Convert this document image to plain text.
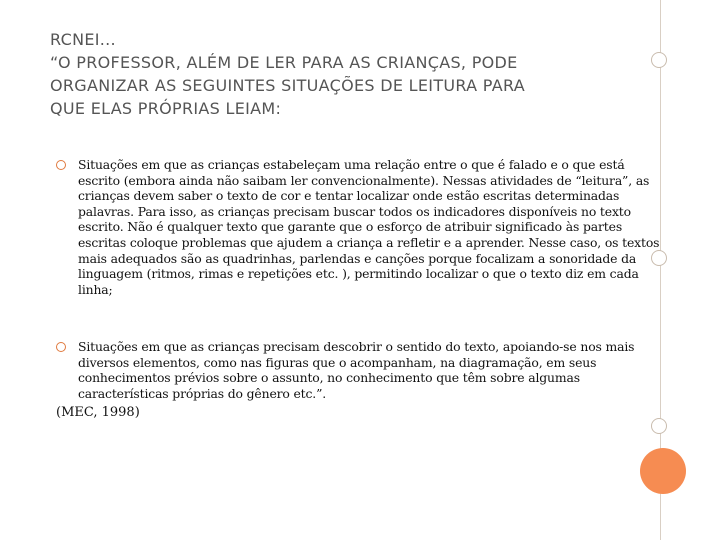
RCNEI...
“O PROFESSOR, ALÉM DE LER PARA AS CRIANÇAS, PODE
ORGANIZAR AS SEGUINTES SITUAÇÕES DE LEITURA PARA
QUE ELAS PRÓPRIAS LEIAM:
Situações em que as crianças estabeleçam uma relação entre o que é falado e o que está escrito (embora ainda não saibam ler convencionalmente). Nessas atividades de “leitura”, as crianças devem saber o texto de cor e tentar localizar onde estão escritas determinadas palavras. Para isso, as crianças precisam buscar todos os indicadores disponíveis no texto escrito. Não é qualquer texto que garante que o esforço de atribuir significado às partes escritas coloque problemas que ajudem a criança a refletir e a aprender. Nesse caso, os textos mais adequados são as quadrinhas, parlendas e canções porque focalizam a sonoridade da linguagem (ritmos, rimas e repetições etc. ), permitindo localizar o que o texto diz em cada linha;
Situações em que as crianças precisam descobrir o sentido do texto, apoiando-se nos mais diversos elementos, como nas figuras que o acompanham, na diagramação, em seus conhecimentos prévios sobre o assunto, no conhecimento que têm sobre algumas características próprias do gênero etc.”.
(MEC, 1998)
